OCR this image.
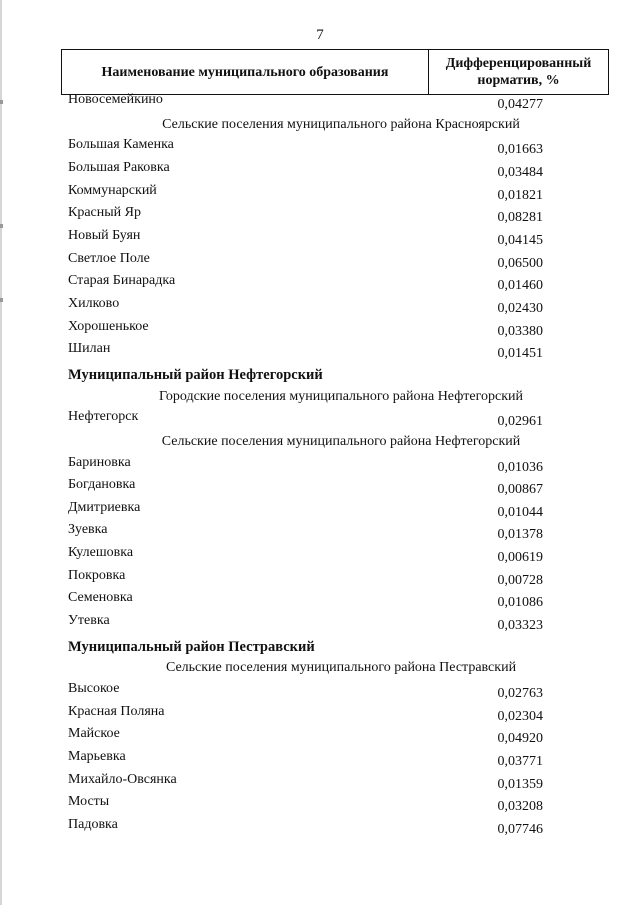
7
Наименование муниципального образования
Дифференцированный
норматив, %
Новосемейкино	0,04277
Сельские поселения муниципального района Красноярский
Большая Каменка	0,01663
Большая Раковка	0,03484
Коммунарский	0,01821
Красный Яр	0,08281
Новый Буян	0,04145
Светлое Поле	0,06500
Старая Бинарадка	0,01460
Хилково	0,02430
Хорошенькое	0,03380
Шилан	0,01451
Муниципальный район Нефтегорский
Городские поселения муниципального района Нефтегорский
Нефтегорск	0,02961
Сельские поселения муниципального района Нефтегорский
Бариновка	0,01036
Богдановка	0,00867
Дмитриевка	0,01044
Зуевка	0,01378
Кулешовка	0,00619
Покровка	0,00728
Семеновка	0,01086
Утевка	0,03323
Муниципальный район Пестравский
Сельские поселения муниципального района Пестравский
Высокое	0,02763
Красная Поляна	0,02304
Майское	0,04920
Марьевка	0,03771
Михайло-Овсянка	0,01359
Мосты	0,03208
Падовка	0,07746
